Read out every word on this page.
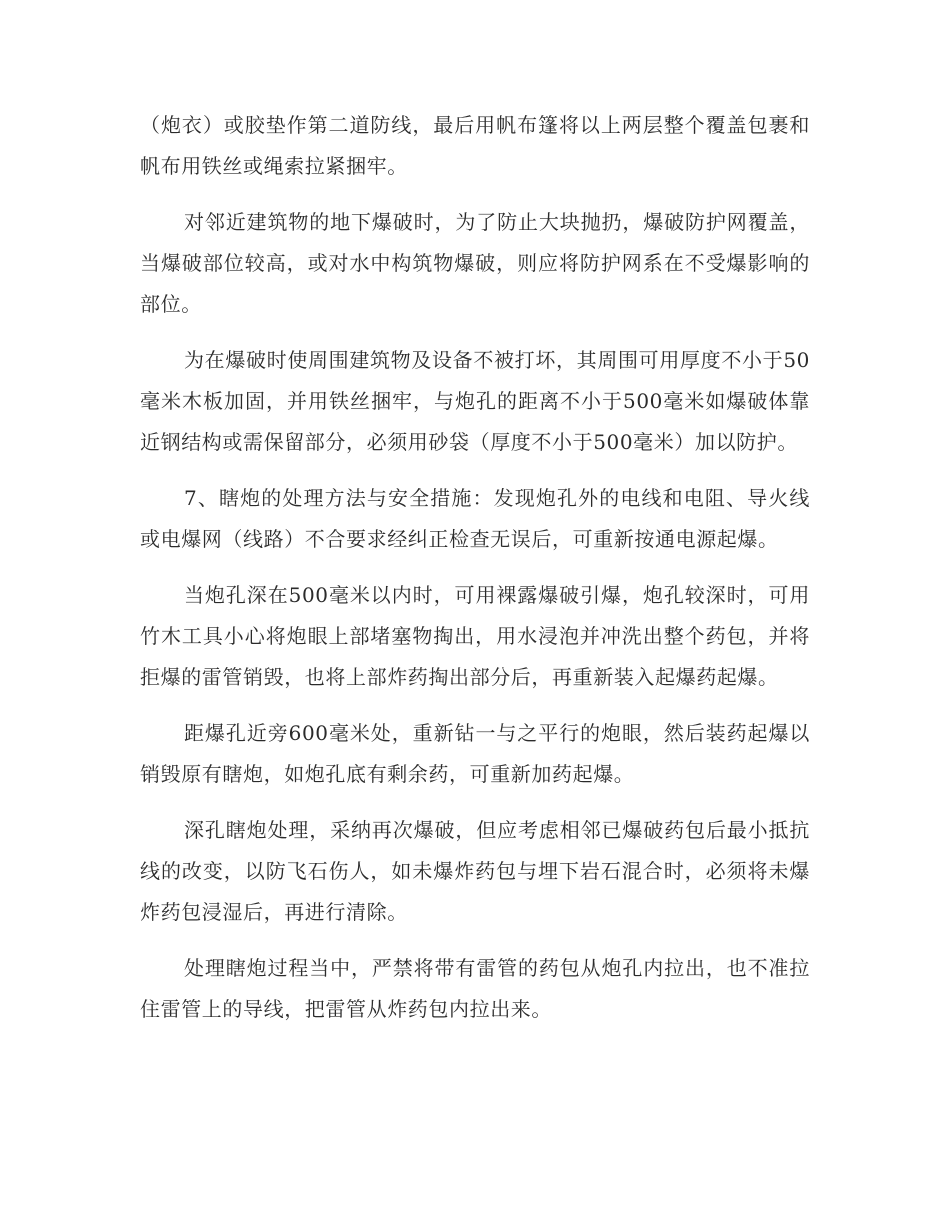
（炮衣）或胶垫作第二道防线，最后用帆布篷将以上两层整个覆盖包裹和帆布用铁丝或绳索拉紧捆牢。

对邻近建筑物的地下爆破时，为了防止大块抛扔，爆破防护网覆盖，当爆破部位较高，或对水中构筑物爆破，则应将防护网系在不受爆影响的部位。

为在爆破时使周围建筑物及设备不被打坏，其周围可用厚度不小于50毫米木板加固，并用铁丝捆牢，与炮孔的距离不小于500毫米如爆破体靠近钢结构或需保留部分，必须用砂袋（厚度不小于500毫米）加以防护。

7、瞎炮的处理方法与安全措施：发现炮孔外的电线和电阻、导火线或电爆网（线路）不合要求经纠正检查无误后，可重新按通电源起爆。

当炮孔深在500毫米以内时，可用裸露爆破引爆，炮孔较深时，可用竹木工具小心将炮眼上部堵塞物掏出，用水浸泡并冲洗出整个药包，并将拒爆的雷管销毁，也将上部炸药掏出部分后，再重新装入起爆药起爆。

距爆孔近旁600毫米处，重新钻一与之平行的炮眼，然后装药起爆以销毁原有瞎炮，如炮孔底有剩余药，可重新加药起爆。

深孔瞎炮处理，采纳再次爆破，但应考虑相邻已爆破药包后最小抵抗线的改变，以防飞石伤人，如未爆炸药包与埋下岩石混合时，必须将未爆炸药包浸湿后，再进行清除。

处理瞎炮过程当中，严禁将带有雷管的药包从炮孔内拉出，也不准拉住雷管上的导线，把雷管从炸药包内拉出来。
